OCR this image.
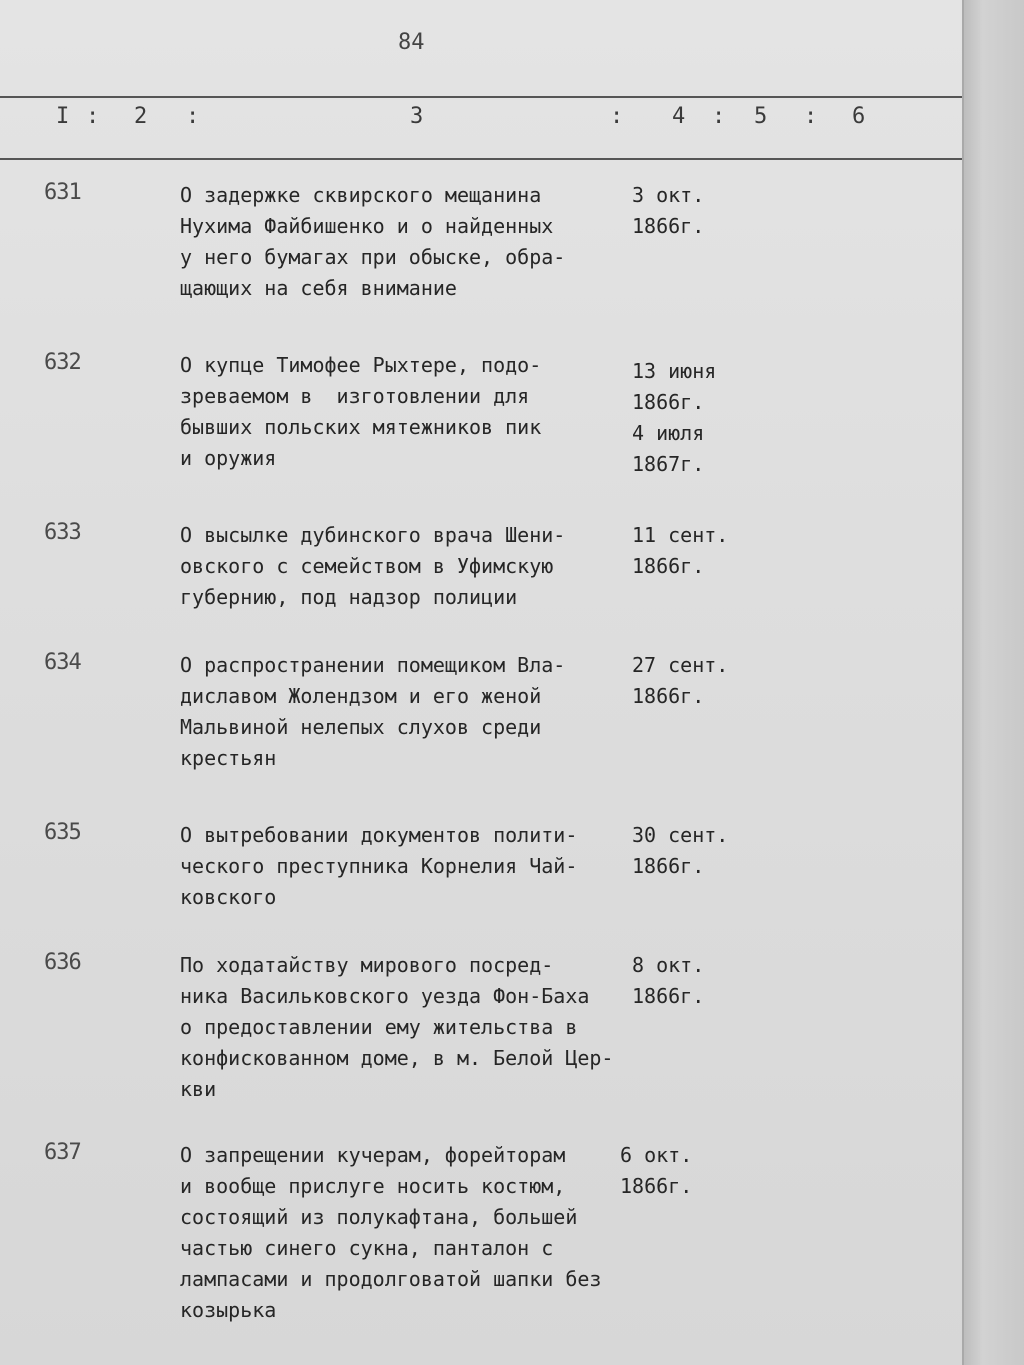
84
I : 2 :	3	: 4 : 5 : 6
631	О задержке сквирского мещанина
Нухима Файбишенко и о найденных
у него бумагах при обыске, обра-
щающих на себя внимание
3 окт.
1866г.
632	О купце Тимофее Рыхтере, подо-
зреваемом в  изготовлении для
бывших польских мятежников пик
и оружия
13 июня
1866г.
4 июля
1867г.
633	О высылке дубинского врача Шени-
овского с семейством в Уфимскую
губернию, под надзор полиции
11 сент.
1866г.
634	О распространении помещиком Вла-
диславом Жолендзом и его женой
Мальвиной нелепых слухов среди
крестьян
27 сент.
1866г.
635	О вытребовании документов полити-
ческого преступника Корнелия Чай-
ковского
30 сент.
1866г.
636	По ходатайству мирового посред-
ника Васильковского уезда Фон-Баха
о предоставлении ему жительства в
конфискованном доме, в м. Белой Цер-
кви
8 окт.
1866г.
637	О запрещении кучерам, форейторам
и вообще прислуге носить костюм,
состоящий из полукафтана, большей
частью синего сукна, панталон с
лампасами и продолговатой шапки без
козырька
6 окт.
1866г.
